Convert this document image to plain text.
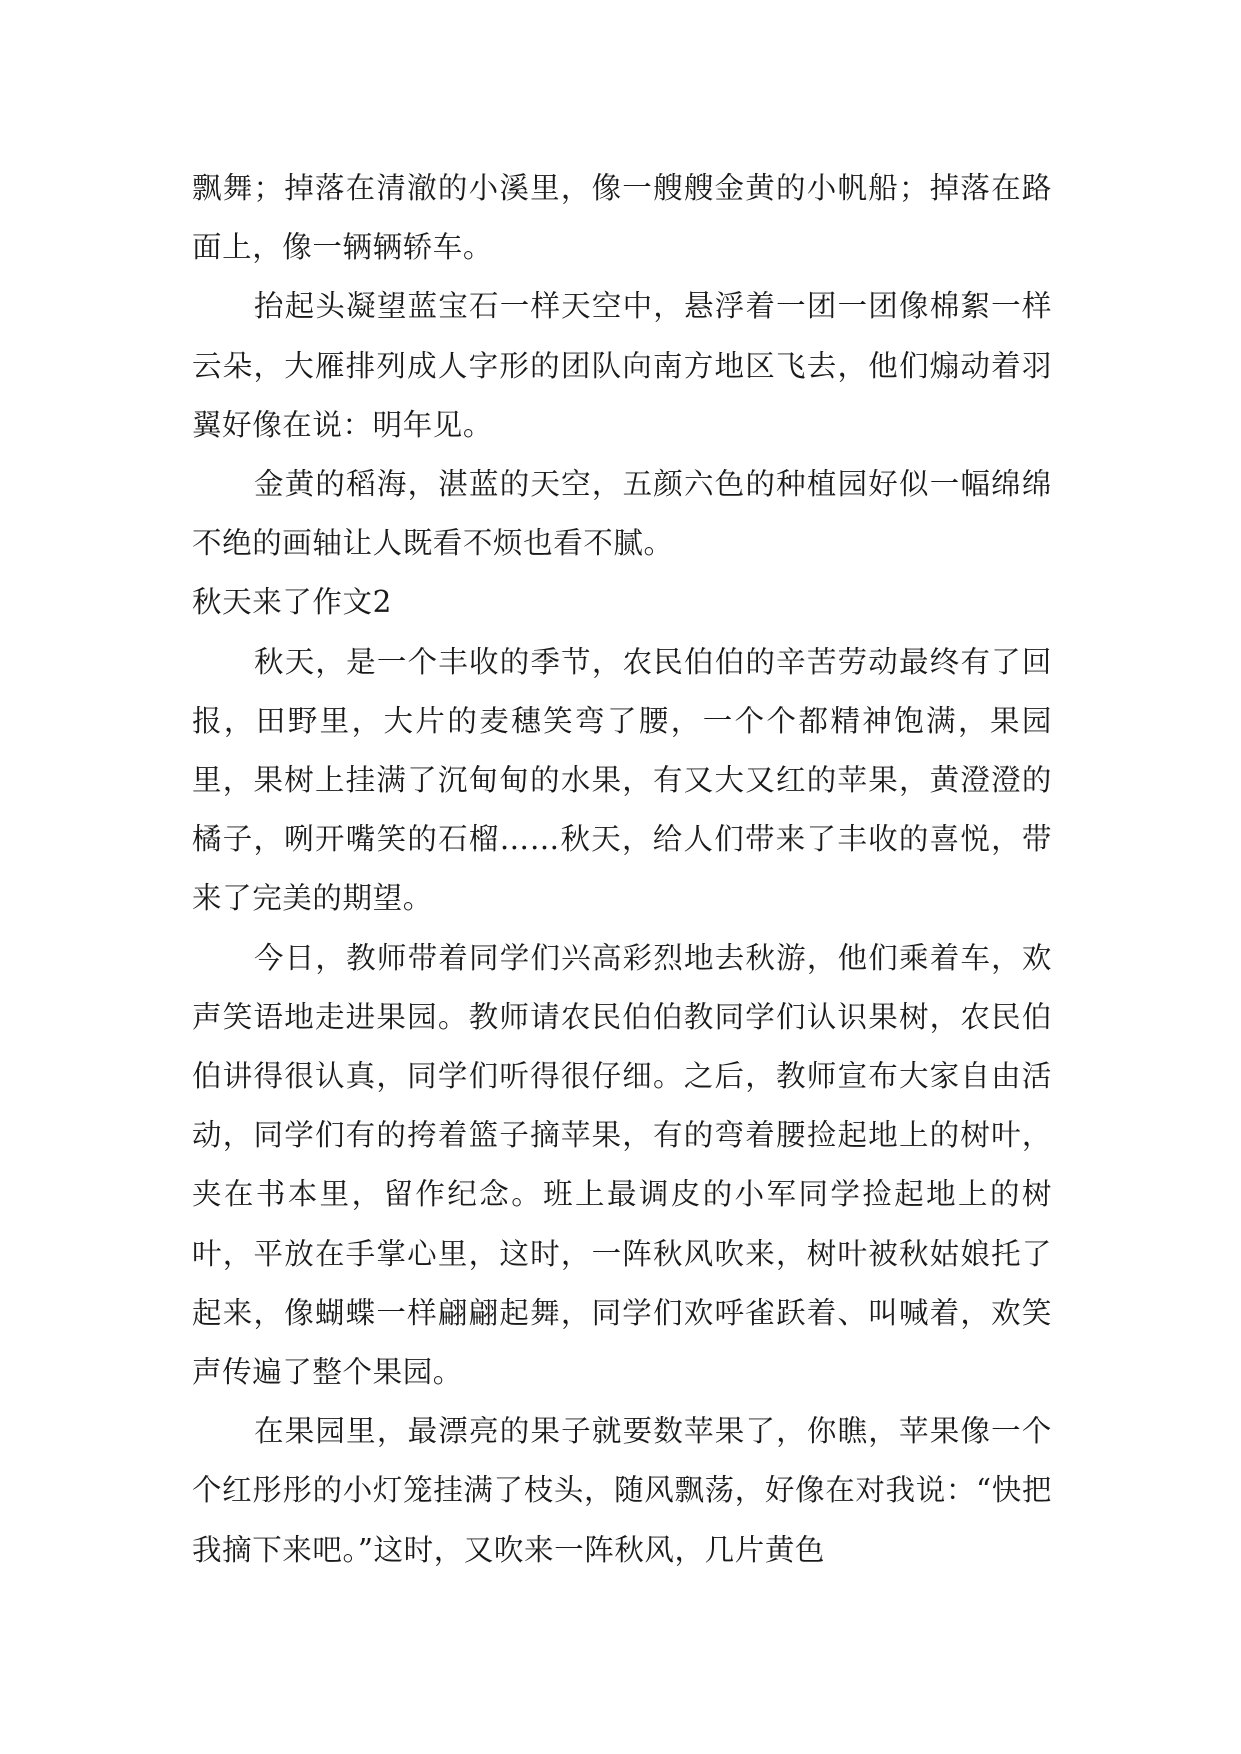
飘舞；掉落在清澈的小溪里，像一艘艘金黄的小帆船；掉落在路面上，像一辆辆轿车。

抬起头凝望蓝宝石一样天空中，悬浮着一团一团像棉絮一样云朵，大雁排列成人字形的团队向南方地区飞去，他们煽动着羽翼好像在说：明年见。

金黄的稻海，湛蓝的天空，五颜六色的种植园好似一幅绵绵不绝的画轴让人既看不烦也看不腻。

秋天来了作文2

秋天，是一个丰收的季节，农民伯伯的辛苦劳动最终有了回报，田野里，大片的麦穗笑弯了腰，一个个都精神饱满，果园里，果树上挂满了沉甸甸的水果，有又大又红的苹果，黄澄澄的橘子，咧开嘴笑的石榴……秋天，给人们带来了丰收的喜悦，带来了完美的期望。

今日，教师带着同学们兴高彩烈地去秋游，他们乘着车，欢声笑语地走进果园。教师请农民伯伯教同学们认识果树，农民伯伯讲得很认真，同学们听得很仔细。之后，教师宣布大家自由活动，同学们有的挎着篮子摘苹果，有的弯着腰捡起地上的树叶，夹在书本里，留作纪念。班上最调皮的小军同学捡起地上的树叶，平放在手掌心里，这时，一阵秋风吹来，树叶被秋姑娘托了起来，像蝴蝶一样翩翩起舞，同学们欢呼雀跃着、叫喊着，欢笑声传遍了整个果园。

在果园里，最漂亮的果子就要数苹果了，你瞧，苹果像一个个红彤彤的小灯笼挂满了枝头，随风飘荡，好像在对我说：“快把我摘下来吧。”这时，又吹来一阵秋风，几片黄色
